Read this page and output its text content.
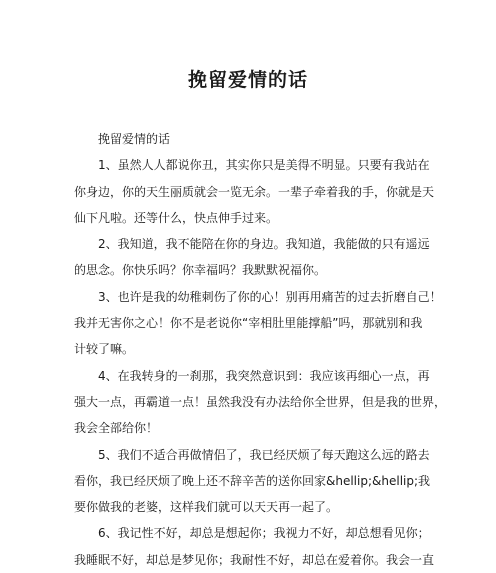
挽留爱情的话

挽留爱情的话

1、虽然人人都说你丑，其实你只是美得不明显。只要有我站在

你身边，你的天生丽质就会一览无余。一辈子牵着我的手，你就是天

仙下凡啦。还等什么，快点伸手过来。

2、我知道，我不能陪在你的身边。我知道，我能做的只有遥远

的思念。你快乐吗？你幸福吗？我默默祝福你。

3、也许是我的幼稚刺伤了你的心！别再用痛苦的过去折磨自己！

我并无害你之心！你不是老说你“宰相肚里能撑船”吗，那就别和我

计较了嘛。

4、在我转身的一刹那，我突然意识到：我应该再细心一点，再

强大一点，再霸道一点！虽然我没有办法给你全世界，但是我的世界，

我会全部给你！

5、我们不适合再做情侣了，我已经厌烦了每天跑这么远的路去

看你，我已经厌烦了晚上还不辞辛苦的送你回家&hellip;&hellip;我

要你做我的老婆，这样我们就可以天天再一起了。

6、我记性不好，却总是想起你；我视力不好，却总想看见你；

我睡眠不好，却总是梦见你；我耐性不好，却总在爱着你。我会一直
